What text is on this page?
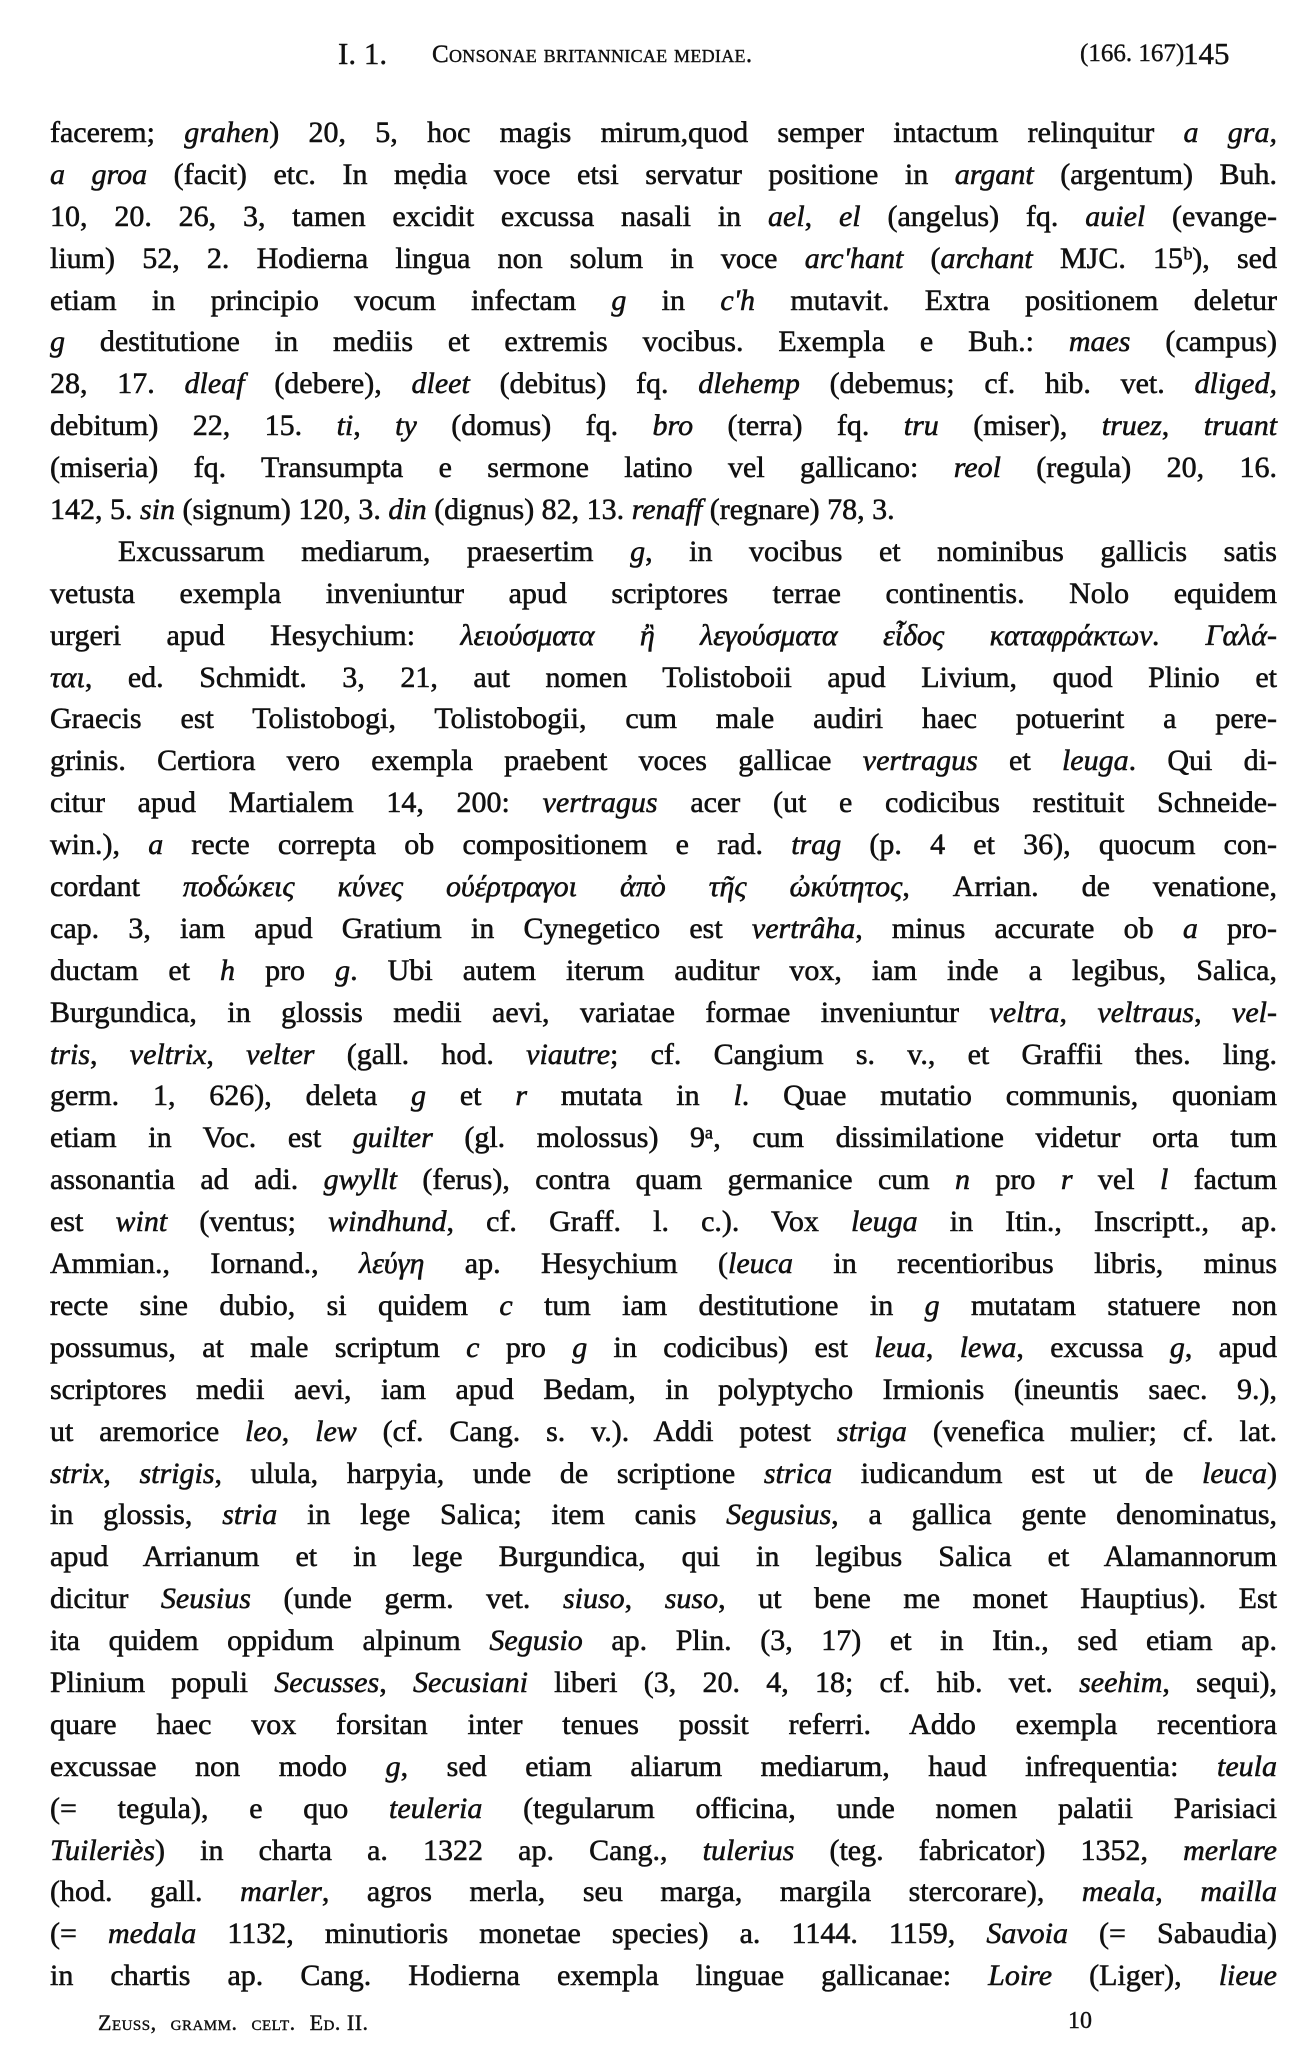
I. 1. Consonae britannicae mediae.	(166. 167)
145
facerem; grahen) 20, 5, hoc magis mirum,quod semper intactum relinquitur a gra,
a groa (facit) etc. In mẹdia voce etsi servatur positione in argant (argentum) Buh.
10, 20. 26, 3, tamen excidit excussa nasali in ael, el (angelus) fq. auiel (evange-
lium) 52, 2. Hodierna lingua non solum in voce arc'hant (archant MJC. 15ᵇ), sed
etiam in principio vocum infectam g in c'h mutavit. Extra positionem deletur
g destitutione in mediis et extremis vocibus. Exempla e Buh.: maes (campus)
28, 17. dleaf (debere), dleet (debitus) fq. dlehemp (debemus; cf. hib. vet. dliged,
debitum) 22, 15. ti, ty (domus) fq. bro (terra) fq. tru (miser), truez, truant
(miseria) fq. Transumpta e sermone latino vel gallicano: reol (regula) 20, 16.
142, 5. sin (signum) 120, 3. din (dignus) 82, 13. renaff (regnare) 78, 3.
Excussarum mediarum, praesertim g, in vocibus et nominibus gallicis satis
vetusta exempla inveniuntur apud scriptores terrae continentis. Nolo equidem
urgeri apud Hesychium: λειούσματα ἢ λεγούσματα εἶδος καταφράκτων. Γαλά-
ται, ed. Schmidt. 3, 21, aut nomen Tolistoboii apud Livium, quod Plinio et
Graecis est Tolistobogi, Tolistobogii, cum male audiri haec potuerint a pere-
grinis. Certiora vero exempla praebent voces gallicae vertragus et leuga. Qui di-
citur apud Martialem 14, 200: vertragus acer (ut e codicibus restituit Schneide-
win.), a recte correpta ob compositionem e rad. trag (p. 4 et 36), quocum con-
cordant ποδώκεις κύνες ούέρτραγοι ἀπὸ τῆς ὠκύτητος, Arrian. de venatione,
cap. 3, iam apud Gratium in Cynegetico est vertrâha, minus accurate ob a pro-
ductam et h pro g. Ubi autem iterum auditur vox, iam inde a legibus, Salica,
Burgundica, in glossis medii aevi, variatae formae inveniuntur veltra, veltraus, vel-
tris, veltrix, velter (gall. hod. viautre; cf. Cangium s. v., et Graffii thes. ling.
germ. 1, 626), deleta g et r mutata in l. Quae mutatio communis, quoniam
etiam in Voc. est guilter (gl. molossus) 9ᵃ, cum dissimilatione videtur orta tum
assonantia ad adi. gwyllt (ferus), contra quam germanice cum n pro r vel l factum
est wint (ventus; windhund, cf. Graff. l. c.). Vox leuga in Itin., Inscriptt., ap.
Ammian., Iornand., λεύγη ap. Hesychium (leuca in recentioribus libris, minus
recte sine dubio, si quidem c tum iam destitutione in g mutatam statuere non
possumus, at male scriptum c pro g in codicibus) est leua, lewa, excussa g, apud
scriptores medii aevi, iam apud Bedam, in polyptycho Irmionis (ineuntis saec. 9.),
ut aremorice leo, lew (cf. Cang. s. v.). Addi potest striga (venefica mulier; cf. lat.
strix, strigis, ulula, harpyia, unde de scriptione strica iudicandum est ut de leuca)
in glossis, stria in lege Salica; item canis Segusius, a gallica gente denominatus,
apud Arrianum et in lege Burgundica, qui in legibus Salica et Alamannorum
dicitur Seusius (unde germ. vet. siuso, suso, ut bene me monet Hauptius). Est
ita quidem oppidum alpinum Segusio ap. Plin. (3, 17) et in Itin., sed etiam ap.
Plinium populi Secusses, Secusiani liberi (3, 20. 4, 18; cf. hib. vet. seehim, sequi),
quare haec vox forsitan inter tenues possit referri. Addo exempla recentiora
excussae non modo g, sed etiam aliarum mediarum, haud infrequentia: teula
(= tegula), e quo teuleria (tegularum officina, unde nomen palatii Parisiaci
Tuileriès) in charta a. 1322 ap. Cang., tulerius (teg. fabricator) 1352, merlare
(hod. gall. marler, agros merla, seu marga, margila stercorare), meala, mailla
(= medala 1132, minutioris monetae species) a. 1144. 1159, Savoia (= Sabaudia)
in chartis ap. Cang. Hodierna exempla linguae gallicanae: Loire (Liger), lieue
Zeuss, gramm. celt. Ed. II.	10
